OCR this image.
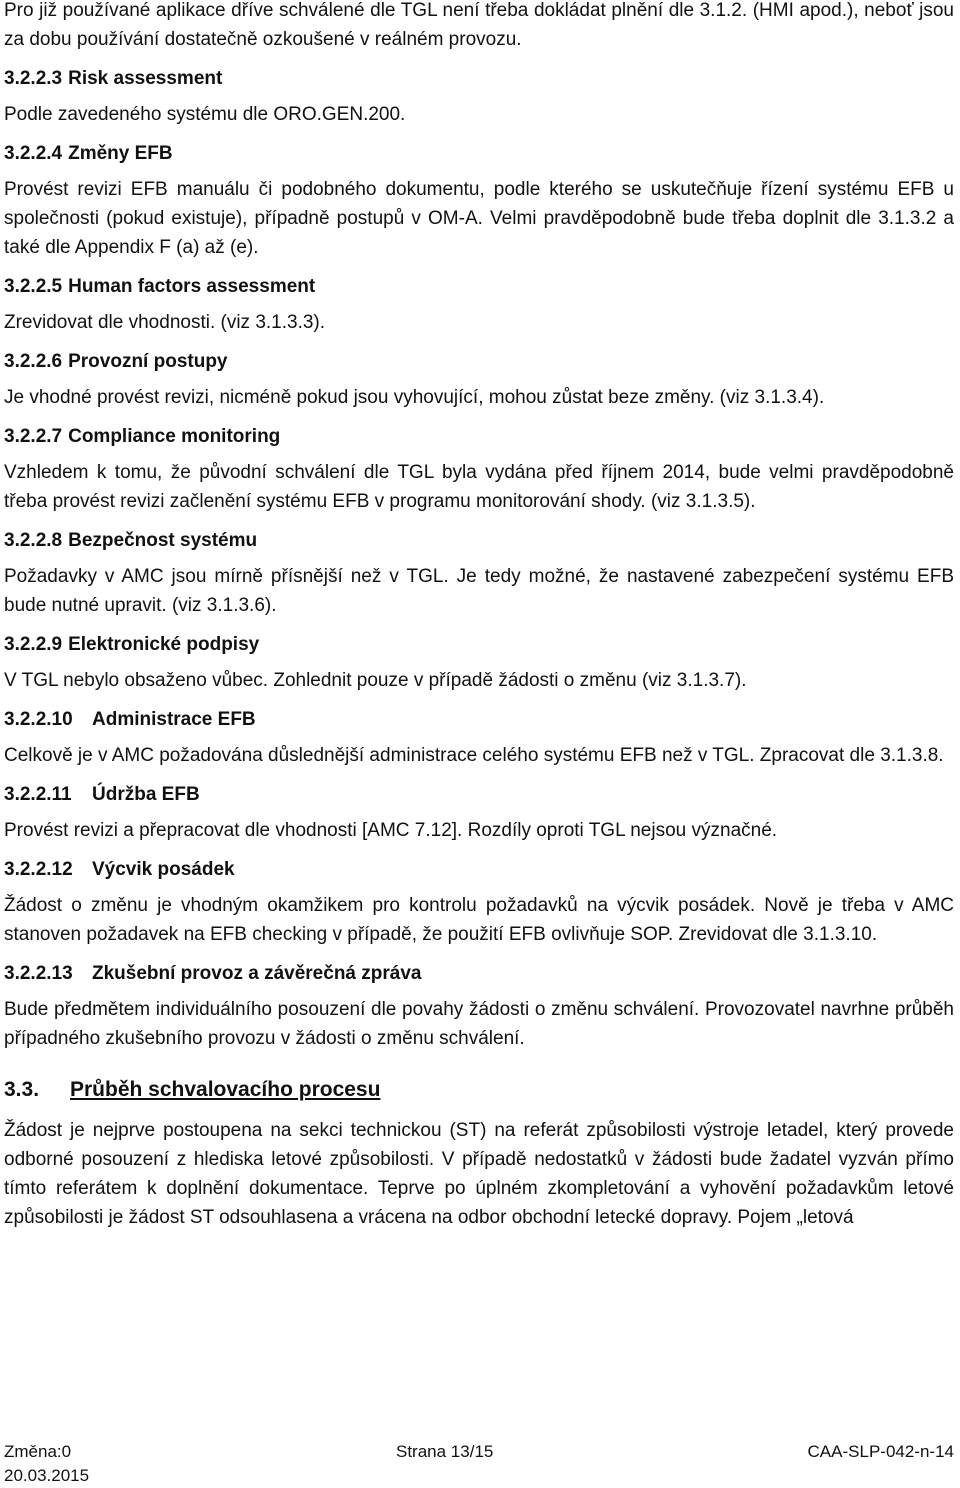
Pro již používané aplikace dříve schválené dle TGL není třeba dokládat plnění dle 3.1.2. (HMI apod.), neboť jsou za dobu používání dostatečně ozkoušené v reálném provozu.

3.2.2.3 Risk assessment

Podle zavedeného systému dle ORO.GEN.200.

3.2.2.4 Změny EFB

Provést revizi EFB manuálu či podobného dokumentu, podle kterého se uskutečňuje řízení systému EFB u společnosti (pokud existuje), případně postupů v OM-A. Velmi pravděpodobně bude třeba doplnit dle 3.1.3.2 a také dle Appendix F (a) až (e).

3.2.2.5 Human factors assessment

Zrevidovat dle vhodnosti. (viz 3.1.3.3).

3.2.2.6 Provozní postupy

Je vhodné provést revizi, nicméně pokud jsou vyhovující, mohou zůstat beze změny. (viz 3.1.3.4).

3.2.2.7 Compliance monitoring

Vzhledem k tomu, že původní schválení dle TGL byla vydána před říjnem 2014, bude velmi pravděpodobně třeba provést revizi začlenění systému EFB v programu monitorování shody. (viz 3.1.3.5).

3.2.2.8 Bezpečnost systému

Požadavky v AMC jsou mírně přísnější než v TGL. Je tedy možné, že nastavené zabezpečení systému EFB bude nutné upravit. (viz 3.1.3.6).

3.2.2.9 Elektronické podpisy

V TGL nebylo obsaženo vůbec. Zohlednit pouze v případě žádosti o změnu (viz 3.1.3.7).

3.2.2.10 Administrace EFB

Celkově je v AMC požadována důslednější administrace celého systému EFB než v TGL. Zpracovat dle 3.1.3.8.

3.2.2.11 Údržba EFB

Provést revizi a přepracovat dle vhodnosti [AMC 7.12]. Rozdíly oproti TGL nejsou význačné.

3.2.2.12 Výcvik posádek

Žádost o změnu je vhodným okamžikem pro kontrolu požadavků na výcvik posádek. Nově je třeba v AMC stanoven požadavek na EFB checking v případě, že použití EFB ovlivňuje SOP. Zrevidovat dle 3.1.3.10.

3.2.2.13 Zkušební provoz a závěrečná zpráva

Bude předmětem individuálního posouzení dle povahy žádosti o změnu schválení. Provozovatel navrhne průběh případného zkušebního provozu v žádosti o změnu schválení.

3.3. Průběh schvalovacího procesu

Žádost je nejprve postoupena na sekci technickou (ST) na referát způsobilosti výstroje letadel, který provede odborné posouzení z hlediska letové způsobilosti. V případě nedostatků v žádosti bude žadatel vyzván přímo tímto referátem k doplnění dokumentace. Teprve po úplném zkompletování a vyhovění požadavkům letové způsobilosti je žádost ST odsouhlasena a vrácena na odbor obchodní letecké dopravy. Pojem „letová

Změna:0
20.03.2015
Strana 13/15	CAA-SLP-042-n-14
